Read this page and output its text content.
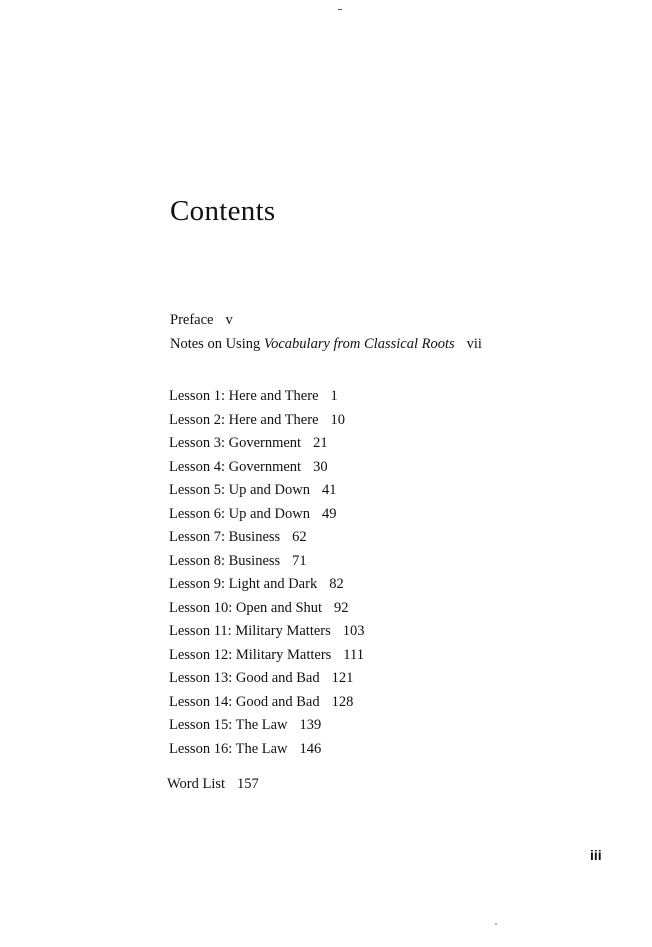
Contents
Preface v
Notes on Using Vocabulary from Classical Roots vii
Lesson 1: Here and There 1
Lesson 2: Here and There 10
Lesson 3: Government 21
Lesson 4: Government 30
Lesson 5: Up and Down 41
Lesson 6: Up and Down 49
Lesson 7: Business 62
Lesson 8: Business 71
Lesson 9: Light and Dark 82
Lesson 10: Open and Shut 92
Lesson 11: Military Matters 103
Lesson 12: Military Matters 111
Lesson 13: Good and Bad 121
Lesson 14: Good and Bad 128
Lesson 15: The Law 139
Lesson 16: The Law 146
Word List 157
iii
